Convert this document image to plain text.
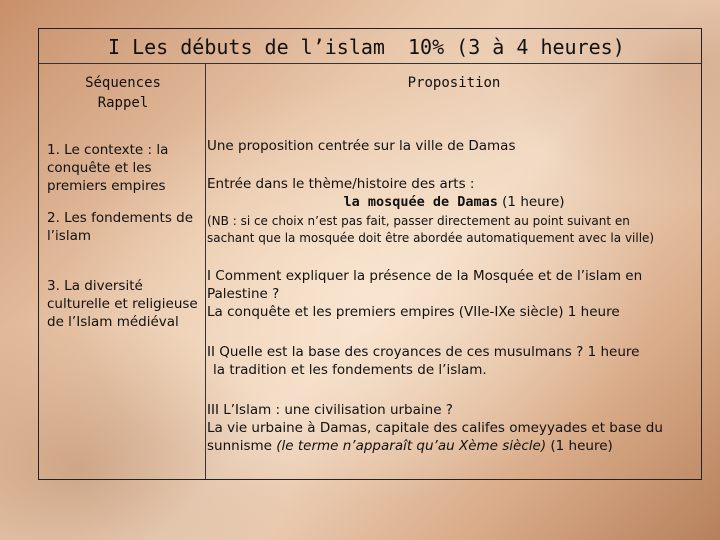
I Les débuts de l’islam 10% (3 à 4 heures)
Séquences
Rappel
Proposition
1. Le contexte : la conquête et les premiers empires
2. Les fondements de l’islam
3. La diversité culturelle et religieuse de l’Islam médiéval
Une proposition centrée sur la ville de Damas
Entrée dans le thème/histoire des arts :
la mosquée de Damas (1 heure)
(NB : si ce choix n’est pas fait, passer directement au point suivant en
sachant que la mosquée doit être abordée automatiquement avec la ville)
I Comment expliquer la présence de la Mosquée et de l’islam en
Palestine ?
La conquête et les premiers empires (VIIe-IXe siècle) 1 heure
II Quelle est la base des croyances de ces musulmans ? 1 heure
la tradition et les fondements de l’islam.
III L’Islam : une civilisation urbaine ?
La vie urbaine à Damas, capitale des califes omeyyades et base du
sunnisme (le terme n’apparaît qu’au Xème siècle) (1 heure)
